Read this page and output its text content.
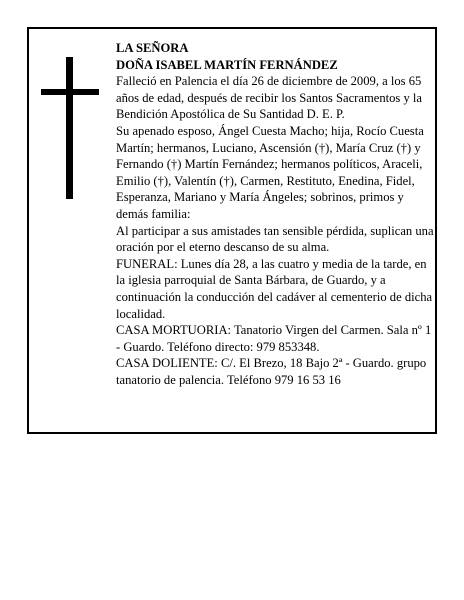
LA SEÑORA

DOÑA ISABEL MARTÍN FERNÁNDEZ

Falleció en Palencia el día 26 de diciembre de 2009, a los 65 años de edad, después de recibir los Santos Sacramentos y la Bendición Apostólica de Su Santidad D. E. P.

Su apenado esposo, Ángel Cuesta Macho; hija, Rocío Cuesta Martín; hermanos, Luciano, Ascensión (†), María Cruz (†) y Fernando (†) Martín Fernández; hermanos políticos, Araceli, Emilio (†), Valentín (†), Carmen, Restituto, Enedina, Fidel, Esperanza, Mariano y María Ángeles; sobrinos, primos y demás familia:

Al participar a sus amistades tan sensible pérdida, suplican una oración por el eterno descanso de su alma.

FUNERAL: Lunes día 28, a las cuatro y media de la tarde, en la iglesia parroquial de Santa Bárbara, de Guardo, y a continuación la conducción del cadáver al cementerio de dicha localidad.

CASA MORTUORIA: Tanatorio Virgen del Carmen. Sala nº 1 - Guardo. Teléfono directo: 979 853348.

CASA DOLIENTE: C/. El Brezo, 18 Bajo 2ª - Guardo. grupo tanatorio de palencia. Teléfono 979 16 53 16
